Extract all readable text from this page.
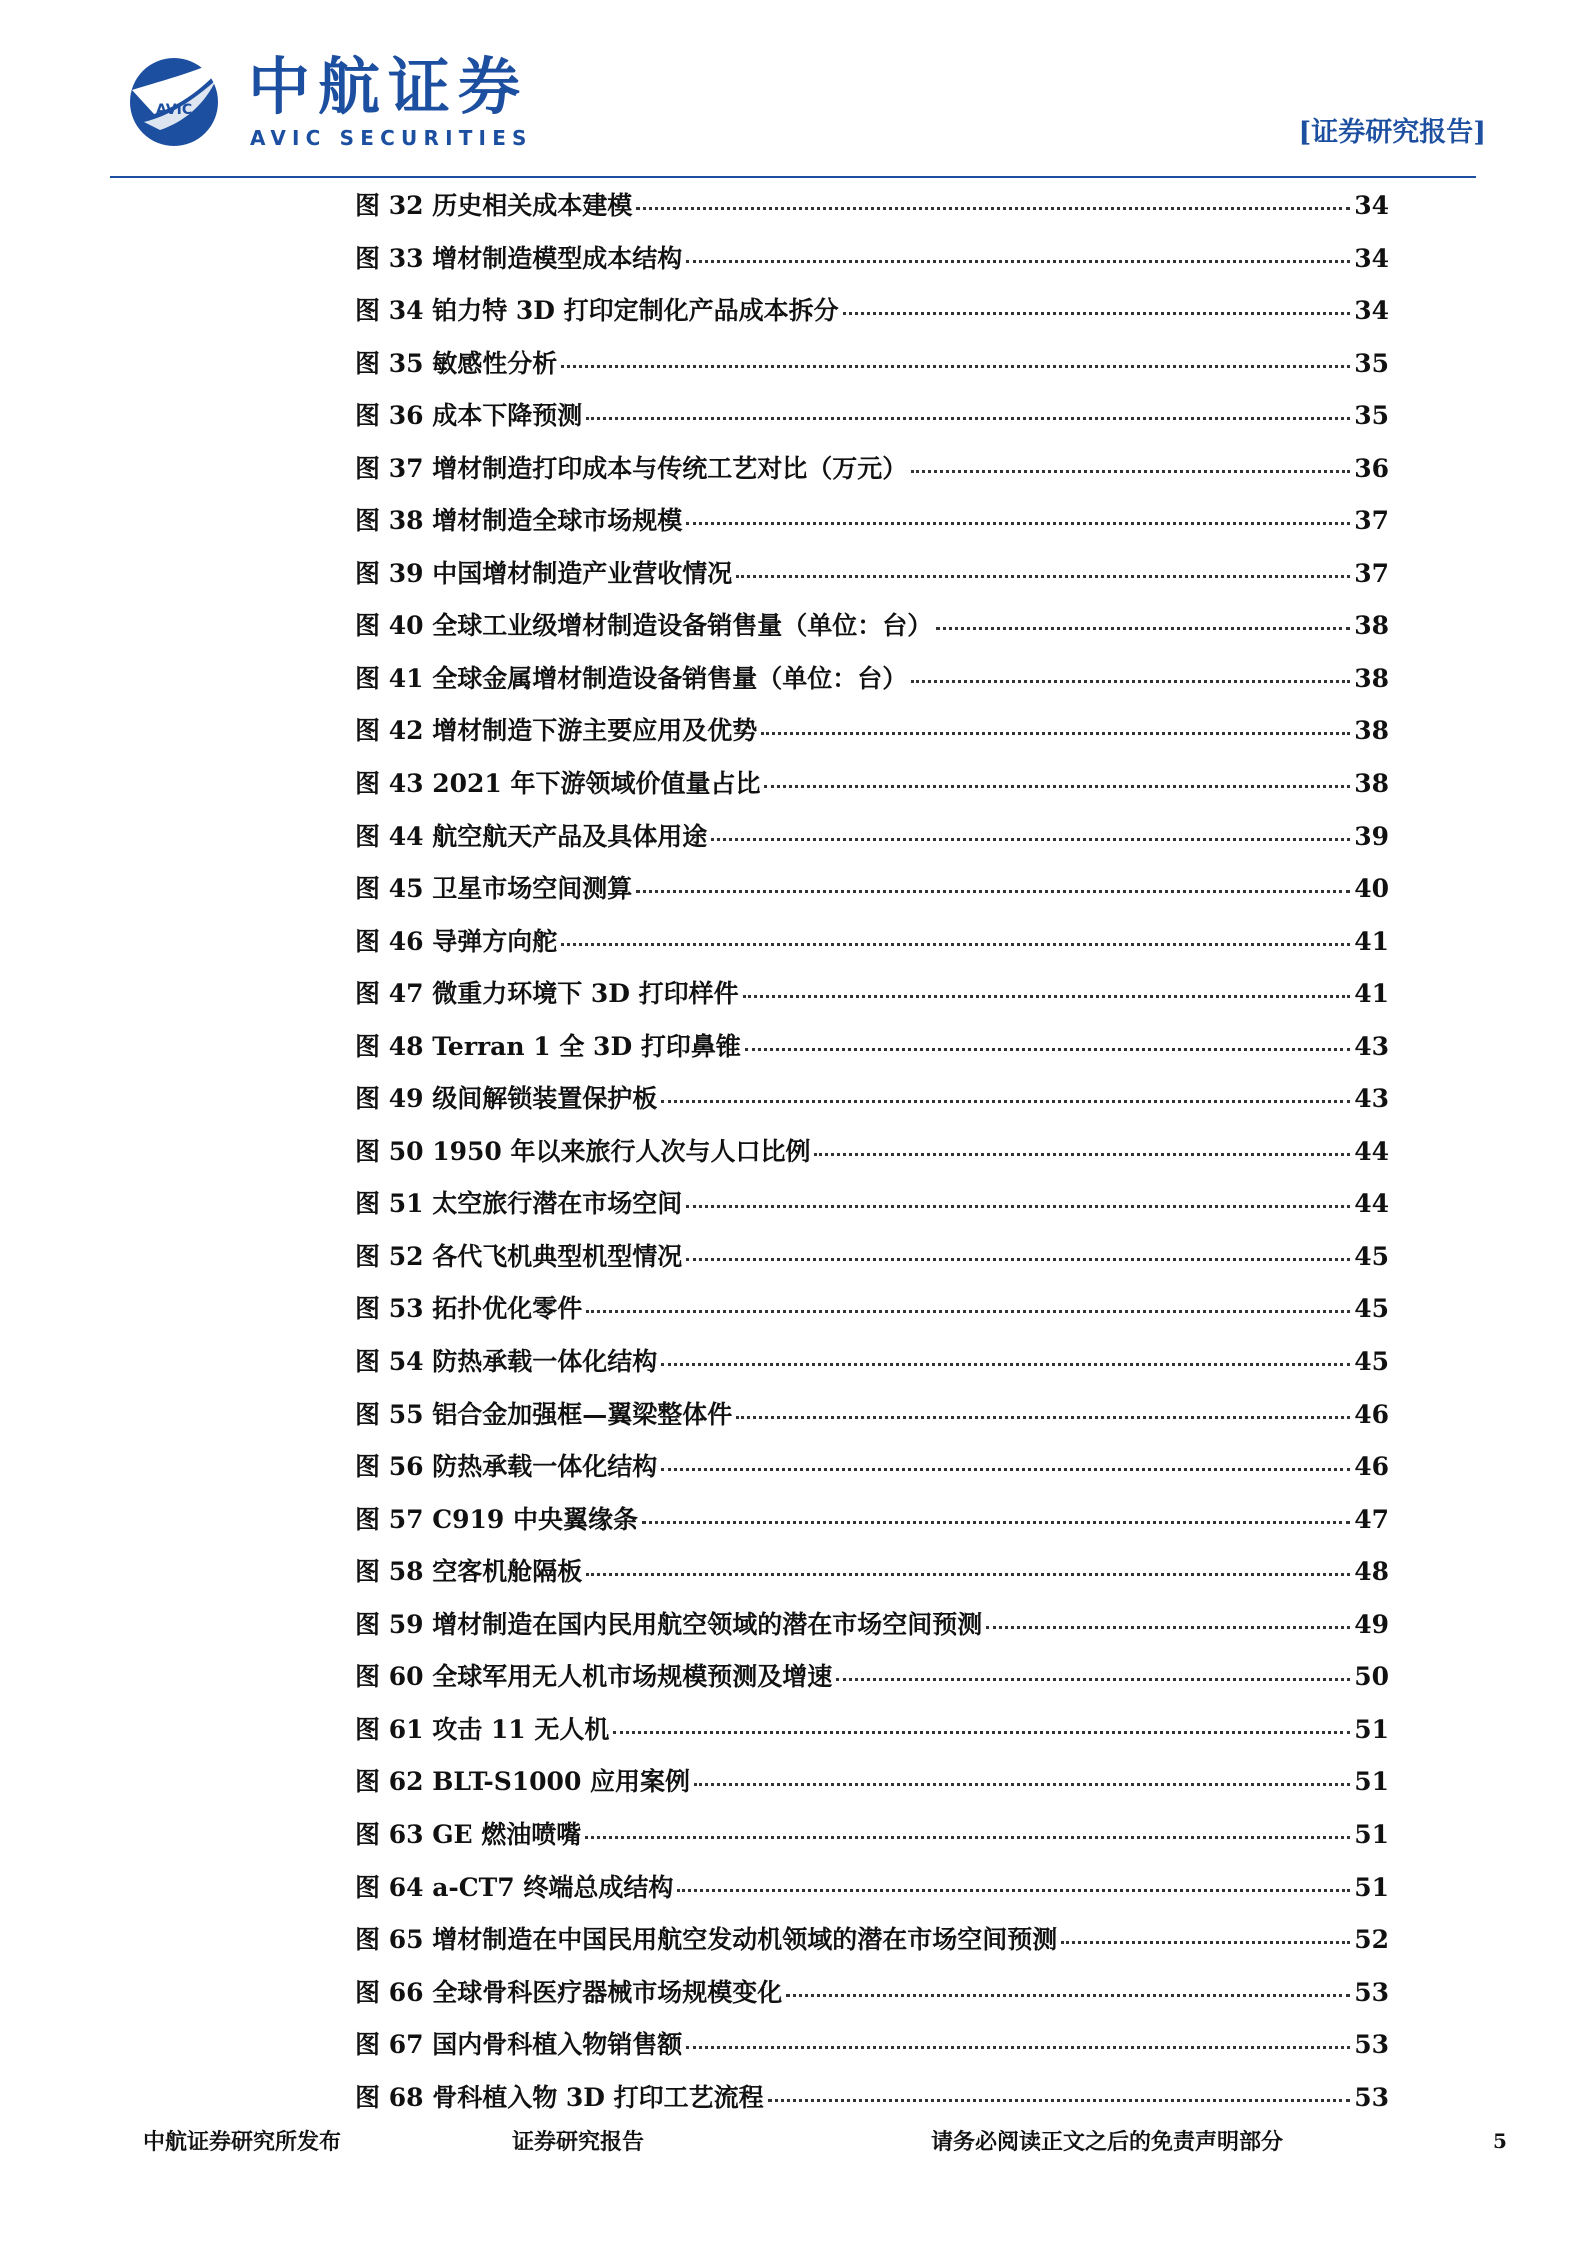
AVIC 中航证券
AVIC SECURITIES	[证券研究报告]
图 32 历史相关成本建模	34
图 33 增材制造模型成本结构	34
图 34 铂力特 3D 打印定制化产品成本拆分	34
图 35 敏感性分析	35
图 36 成本下降预测	35
图 37 增材制造打印成本与传统工艺对比（万元）	36
图 38 增材制造全球市场规模	37
图 39 中国增材制造产业营收情况	37
图 40 全球工业级增材制造设备销售量（单位：台）	38
图 41 全球金属增材制造设备销售量（单位：台）	38
图 42 增材制造下游主要应用及优势	38
图 43 2021 年下游领域价值量占比	38
图 44 航空航天产品及具体用途	39
图 45 卫星市场空间测算	40
图 46 导弹方向舵	41
图 47 微重力环境下 3D 打印样件	41
图 48 Terran 1 全 3D 打印鼻锥	43
图 49 级间解锁装置保护板	43
图 50 1950 年以来旅行人次与人口比例	44
图 51 太空旅行潜在市场空间	44
图 52 各代飞机典型机型情况	45
图 53 拓扑优化零件	45
图 54 防热承载一体化结构	45
图 55 铝合金加强框—翼梁整体件	46
图 56 防热承载一体化结构	46
图 57 C919 中央翼缘条	47
图 58 空客机舱隔板	48
图 59 增材制造在国内民用航空领域的潜在市场空间预测	49
图 60 全球军用无人机市场规模预测及增速	50
图 61 攻击 11 无人机	51
图 62 BLT-S1000 应用案例	51
图 63 GE 燃油喷嘴	51
图 64 a-CT7 终端总成结构	51
图 65 增材制造在中国民用航空发动机领域的潜在市场空间预测	52
图 66 全球骨科医疗器械市场规模变化	53
图 67 国内骨科植入物销售额	53
图 68 骨科植入物 3D 打印工艺流程	53
中航证券研究所发布	证券研究报告	请务必阅读正文之后的免责声明部分	5
